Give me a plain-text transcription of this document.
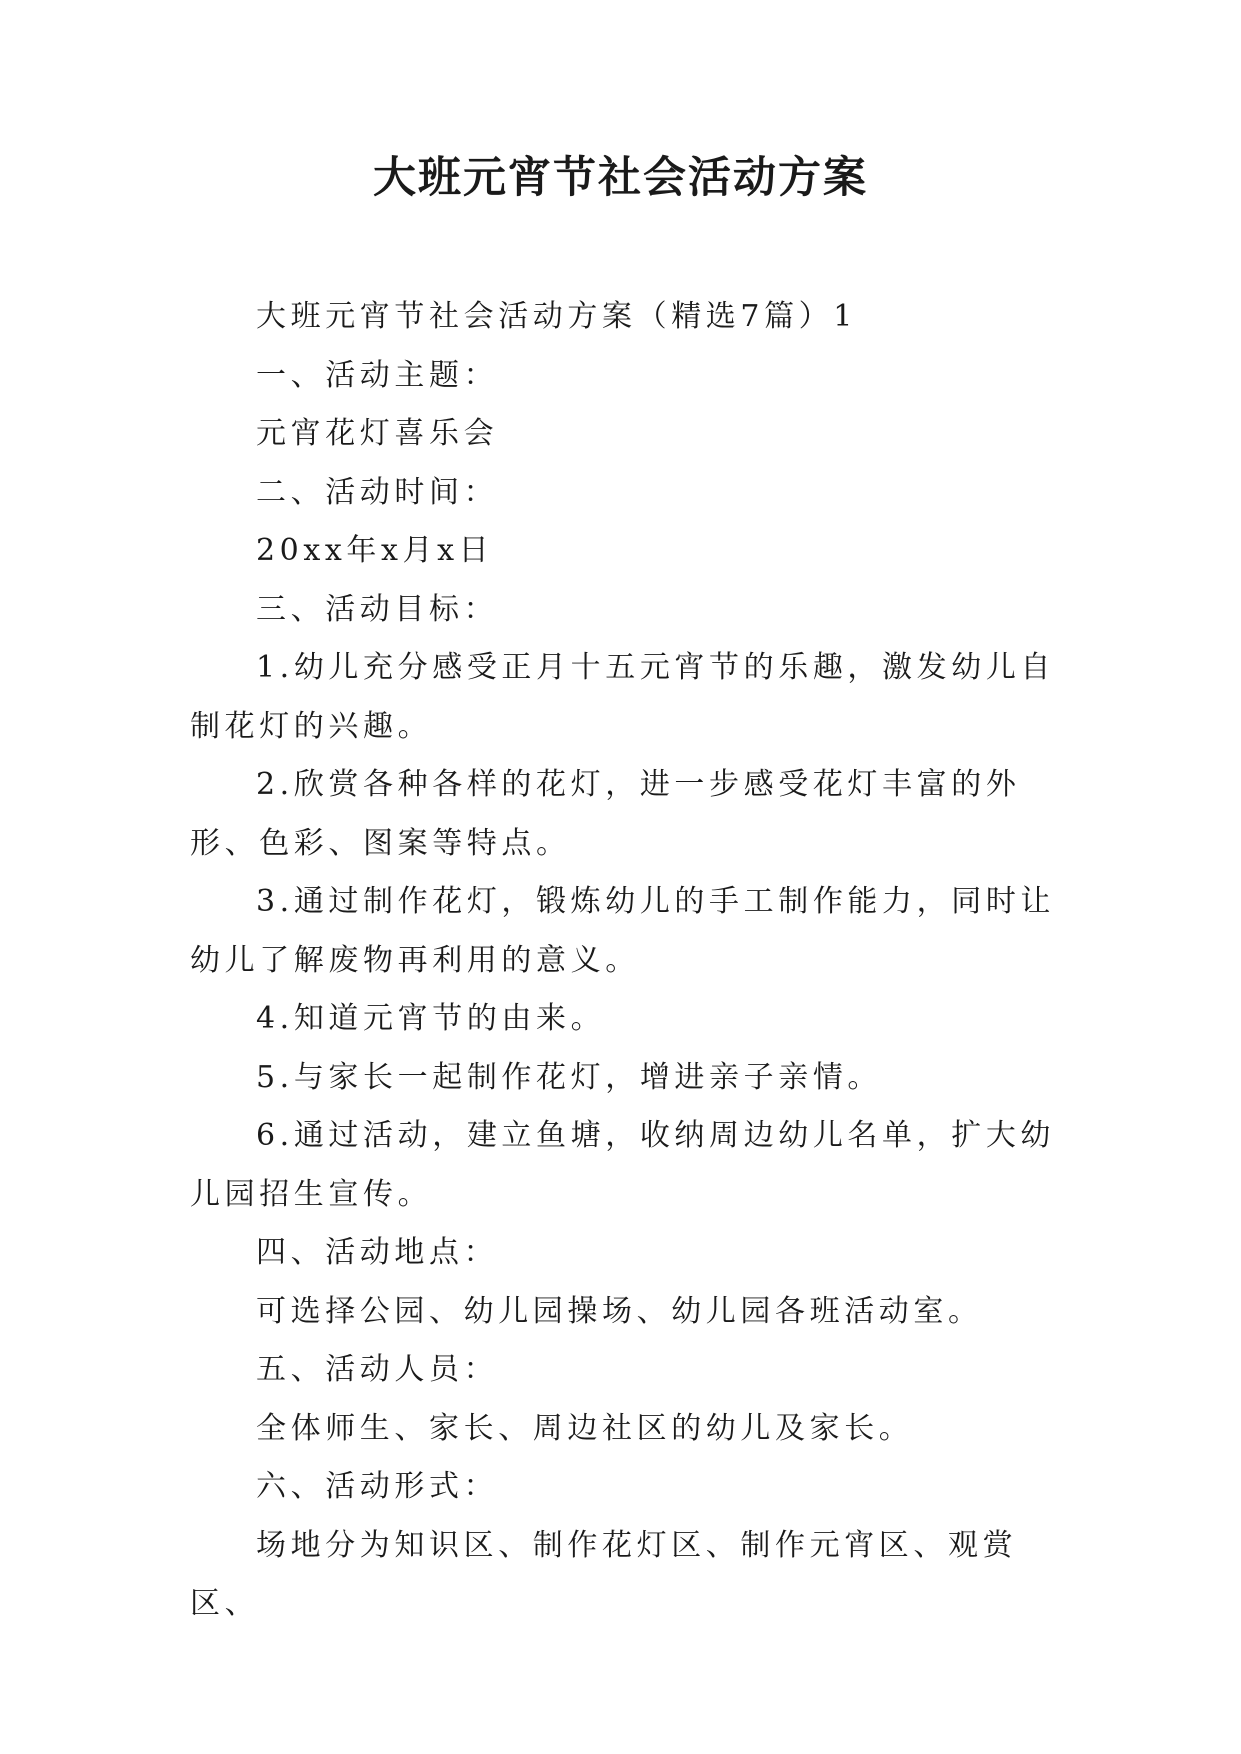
大班元宵节社会活动方案

大班元宵节社会活动方案（精选7篇）1

一、活动主题：

元宵花灯喜乐会

二、活动时间：

20xx年x月x日

三、活动目标：

1.幼儿充分感受正月十五元宵节的乐趣，激发幼儿自制花灯的兴趣。

2.欣赏各种各样的花灯，进一步感受花灯丰富的外形、色彩、图案等特点。

3.通过制作花灯，锻炼幼儿的手工制作能力，同时让幼儿了解废物再利用的意义。

4.知道元宵节的由来。

5.与家长一起制作花灯，增进亲子亲情。

6.通过活动，建立鱼塘，收纳周边幼儿名单，扩大幼儿园招生宣传。

四、活动地点：

可选择公园、幼儿园操场、幼儿园各班活动室。

五、活动人员：

全体师生、家长、周边社区的幼儿及家长。

六、活动形式：

场地分为知识区、制作花灯区、制作元宵区、观赏区、
